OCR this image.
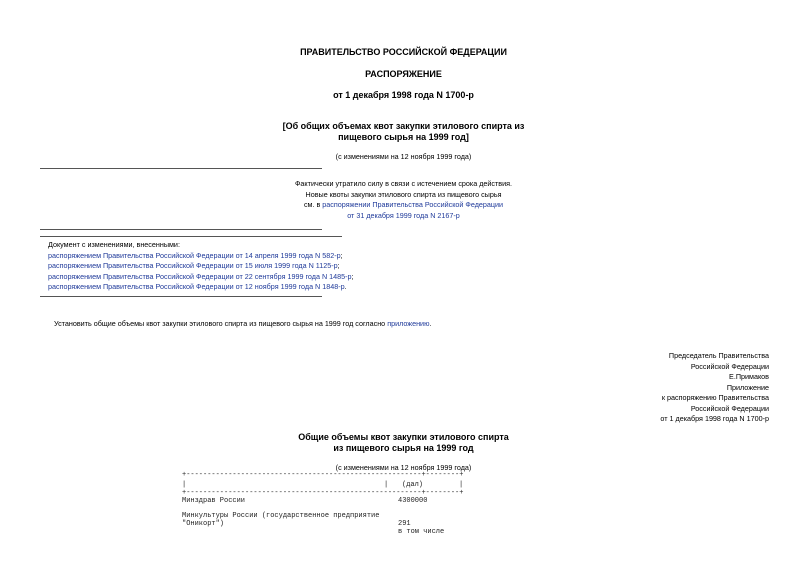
ПРАВИТЕЛЬСТВО РОССИЙСКОЙ ФЕДЕРАЦИИ
РАСПОРЯЖЕНИЕ
от 1 декабря 1998 года N 1700-р
[Об общих объемах квот закупки этилового спирта из
пищевого сырья на 1999 год]
(с изменениями на 12 ноября 1999 года)
Фактически утратило силу в связи с истечением срока действия.
Новые квоты закупки этилового спирта из пищевого сырья
см. в распоряжении Правительства Российской Федерации
от 31 декабря 1999 года N 2167-р
Документ с изменениями, внесенными:
распоряжением Правительства Российской Федерации от 14 апреля 1999 года N 582-р;
распоряжением Правительства Российской Федерации от 15 июля 1999 года N 1125-р;
распоряжением Правительства Российской Федерации от 22 сентября 1999 года N 1485-р;
распоряжением Правительства Российской Федерации от 12 ноября 1999 года N 1848-р.
Установить общие объемы квот закупки этилового спирта из пищевого сырья на 1999 год согласно приложению.
Председатель Правительства
Российской Федерации
Е.Примаков
Приложение
к распоряжению Правительства
Российской Федерации
от 1 декабря 1998 года N 1700-р
Общие объемы квот закупки этилового спирта
из пищевого сырья на 1999 год
(с изменениями на 12 ноября 1999 года)
+--------------------------------------------------------+--------+
|	| (дал)	|
+--------------------------------------------------------+--------+
Минздрав России	4300000
Минкультуры России (государственное предприятие
"Оникорт")	291
в том числе
